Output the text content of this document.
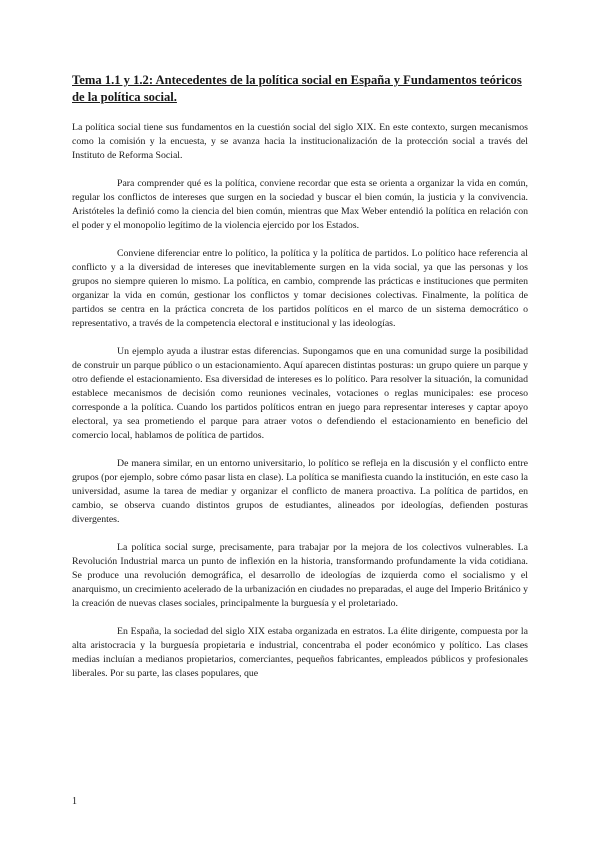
Tema 1.1 y 1.2: Antecedentes de la política social en España y Fundamentos teóricos de la política social.

La política social tiene sus fundamentos en la cuestión social del siglo XIX. En este contexto, surgen mecanismos como la comisión y la encuesta, y se avanza hacia la institucionalización de la protección social a través del Instituto de Reforma Social.

Para comprender qué es la política, conviene recordar que esta se orienta a organizar la vida en común, regular los conflictos de intereses que surgen en la sociedad y buscar el bien común, la justicia y la convivencia. Aristóteles la definió como la ciencia del bien común, mientras que Max Weber entendió la política en relación con el poder y el monopolio legítimo de la violencia ejercido por los Estados.

Conviene diferenciar entre lo político, la política y la política de partidos. Lo político hace referencia al conflicto y a la diversidad de intereses que inevitablemente surgen en la vida social, ya que las personas y los grupos no siempre quieren lo mismo. La política, en cambio, comprende las prácticas e instituciones que permiten organizar la vida en común, gestionar los conflictos y tomar decisiones colectivas. Finalmente, la política de partidos se centra en la práctica concreta de los partidos políticos en el marco de un sistema democrático o representativo, a través de la competencia electoral e institucional y las ideologías.

Un ejemplo ayuda a ilustrar estas diferencias. Supongamos que en una comunidad surge la posibilidad de construir un parque público o un estacionamiento. Aquí aparecen distintas posturas: un grupo quiere un parque y otro defiende el estacionamiento. Esa diversidad de intereses es lo político. Para resolver la situación, la comunidad establece mecanismos de decisión como reuniones vecinales, votaciones o reglas municipales: ese proceso corresponde a la política. Cuando los partidos políticos entran en juego para representar intereses y captar apoyo electoral, ya sea prometiendo el parque para atraer votos o defendiendo el estacionamiento en beneficio del comercio local, hablamos de política de partidos.

De manera similar, en un entorno universitario, lo político se refleja en la discusión y el conflicto entre grupos (por ejemplo, sobre cómo pasar lista en clase). La política se manifiesta cuando la institución, en este caso la universidad, asume la tarea de mediar y organizar el conflicto de manera proactiva. La política de partidos, en cambio, se observa cuando distintos grupos de estudiantes, alineados por ideologías, defienden posturas divergentes.

La política social surge, precisamente, para trabajar por la mejora de los colectivos vulnerables. La Revolución Industrial marca un punto de inflexión en la historia, transformando profundamente la vida cotidiana. Se produce una revolución demográfica, el desarrollo de ideologías de izquierda como el socialismo y el anarquismo, un crecimiento acelerado de la urbanización en ciudades no preparadas, el auge del Imperio Británico y la creación de nuevas clases sociales, principalmente la burguesía y el proletariado.

En España, la sociedad del siglo XIX estaba organizada en estratos. La élite dirigente, compuesta por la alta aristocracia y la burguesía propietaria e industrial, concentraba el poder económico y político. Las clases medias incluían a medianos propietarios, comerciantes, pequeños fabricantes, empleados públicos y profesionales liberales. Por su parte, las clases populares, que

1
